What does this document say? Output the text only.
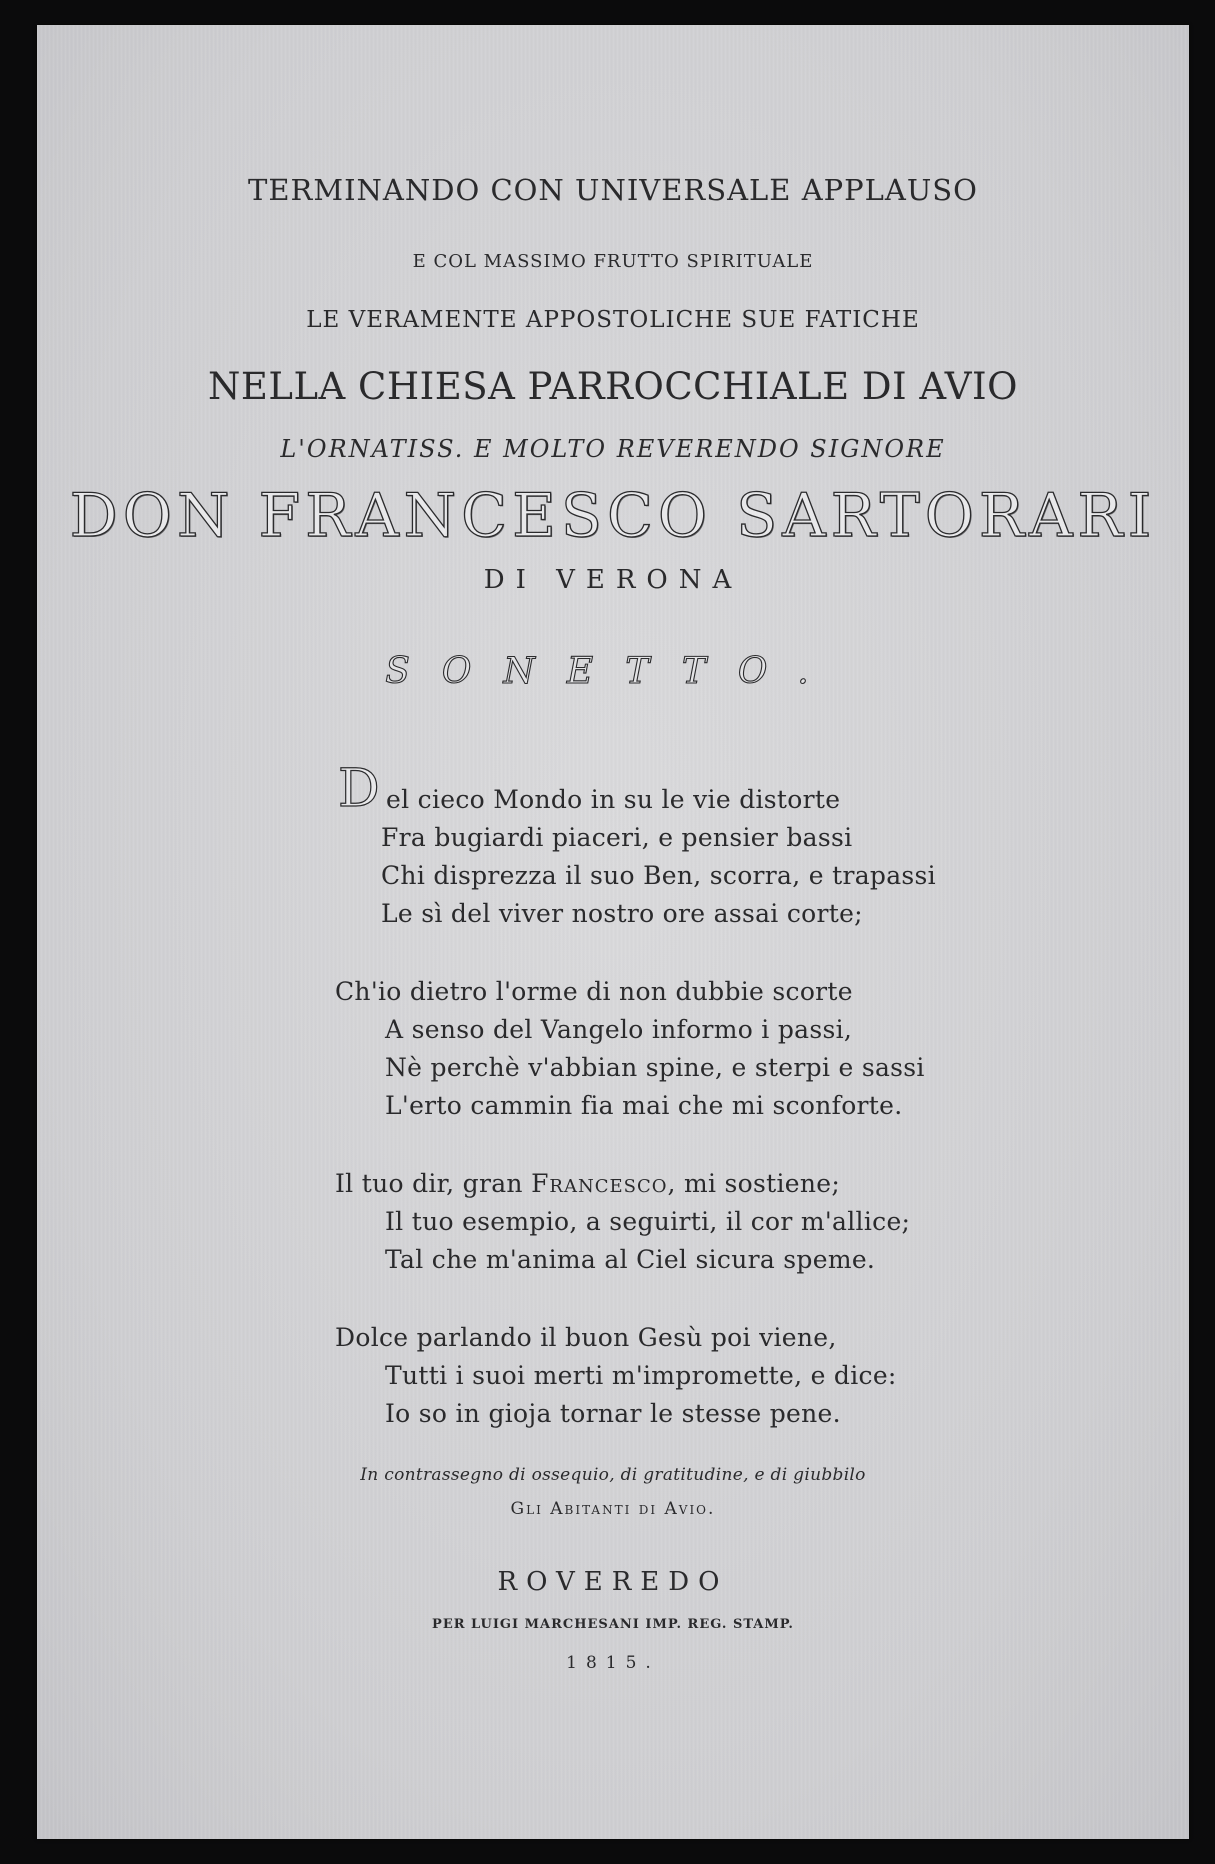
TERMINANDO CON UNIVERSALE APPLAUSO
E COL MASSIMO FRUTTO SPIRITUALE
LE VERAMENTE APPOSTOLICHE SUE FATICHE
NELLA CHIESA PARROCCHIALE DI AVIO
L'ORNATISS. E MOLTO REVERENDO SIGNORE
DON FRANCESCO SARTORARI
DI VERONA
SONETTO.
D el cieco Mondo in su le vie distorte
Fra bugiardi piaceri, e pensier bassi
Chi disprezza il suo Ben, scorra, e trapassi
Le sì del viver nostro ore assai corte;
Ch'io dietro l'orme di non dubbie scorte
A senso del Vangelo informo i passi,
Nè perchè v'abbian spine, e sterpi e sassi
L'erto cammin fia mai che mi sconforte.
Il tuo dir, gran Francesco, mi sostiene;
Il tuo esempio, a seguirti, il cor m'allice;
Tal che m'anima al Ciel sicura speme.
Dolce parlando il buon Gesù poi viene,
Tutti i suoi merti m'impromette, e dice:
Io so in gioja tornar le stesse pene.
In contrassegno di ossequio, di gratitudine, e di giubbilo
Gli Abitanti di Avio.
ROVEREDO
PER LUIGI MARCHESANI IMP. REG. STAMP.
1815.
